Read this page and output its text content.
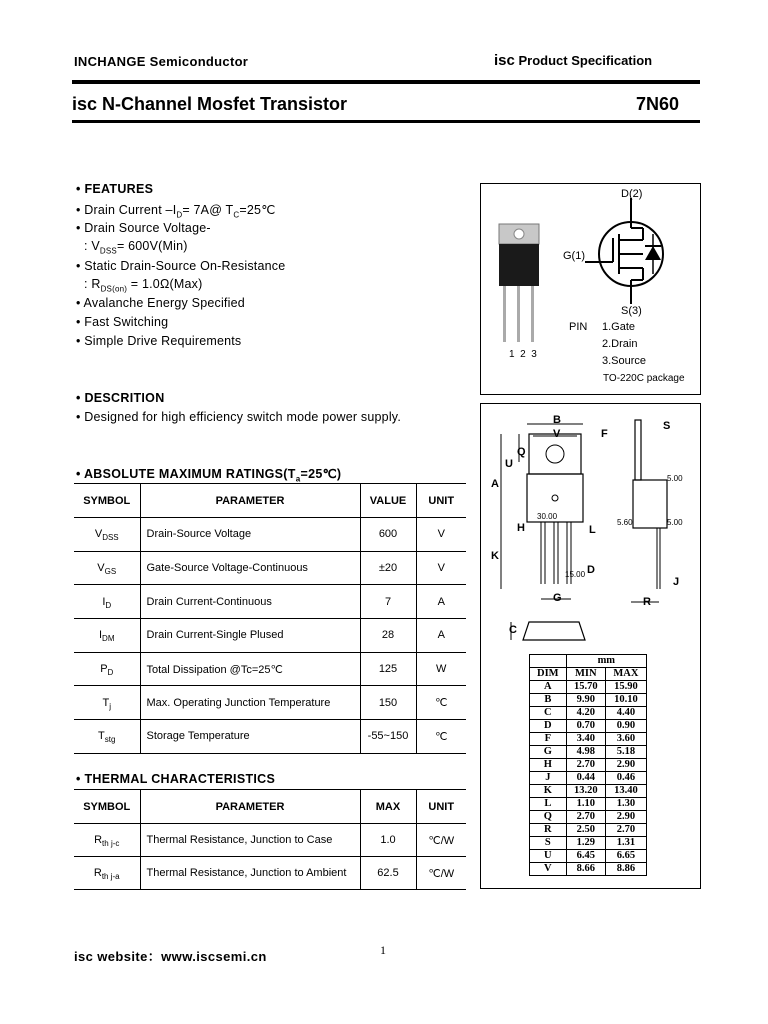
INCHANGE Semiconductor	isc Product Specification
isc N-Channel Mosfet Transistor	7N60
• FEATURES
• Drain Current $-I_D=$ 7A@ $T_C=25℃$
• Drain Source Voltage-
: $V_{DSS}= 600V(Min)$
• Static Drain-Source On-Resistance
: $R_{DS(on)} = 1.0\Omega(Max)$
• Avalanche Energy Specified
• Fast Switching
• Simple Drive Requirements
• DESCRITION
• Designed for high efficiency switch mode power supply.
• ABSOLUTE MAXIMUM $RATINGS(T_a=25℃)$
SYMBOL	PARAMETER	VALUE	UNIT
$V_{DSS}$	Drain-Source Voltage	600	V
$V_{GS}$	Gate-Source Voltage-Continuous	±20	V
$I_D$	Drain Current-Continuous	7	A
$I_{DM}$	Drain Current-Single Plused	28	A
$P_D$	Total Dissipation @Tc=25℃	125	W
$T_j$	Max. Operating Junction Temperature	150	℃
$T_{stg}$	Storage Temperature	-55~150	℃
• THERMAL CHARACTERISTICS
SYMBOL	PARAMETER	MAX	UNIT
$R_{th j-c}$	Thermal Resistance, Junction to Case	1.0	℃/W
$R_{th j-a}$	Thermal Resistance, Junction to Ambient	62.5	℃/W
D(2)
G(1)
S(3)
PIN 1.Gate
2.Drain
3.Source
TO-220C package
1  2  3
B
V
Q
U
F
S
A
H	L
K
D
G
J
R
C
30.00
15.00
5.00
5.60	5.00
	mm	
DIM	MIN	MAX
A	15.70	15.90
B	9.90	10.10
C	4.20	4.40
D	0.70	0.90
F	3.40	3.60
G	4.98	5.18
H	2.70	2.90
J	0.44	0.46
K	13.20	13.40
L	1.10	1.30
Q	2.70	2.90
R	2.50	2.70
S	1.29	1.31
U	6.45	6.65
V	8.66	8.86
isc website：www.iscsemi.cn	1
